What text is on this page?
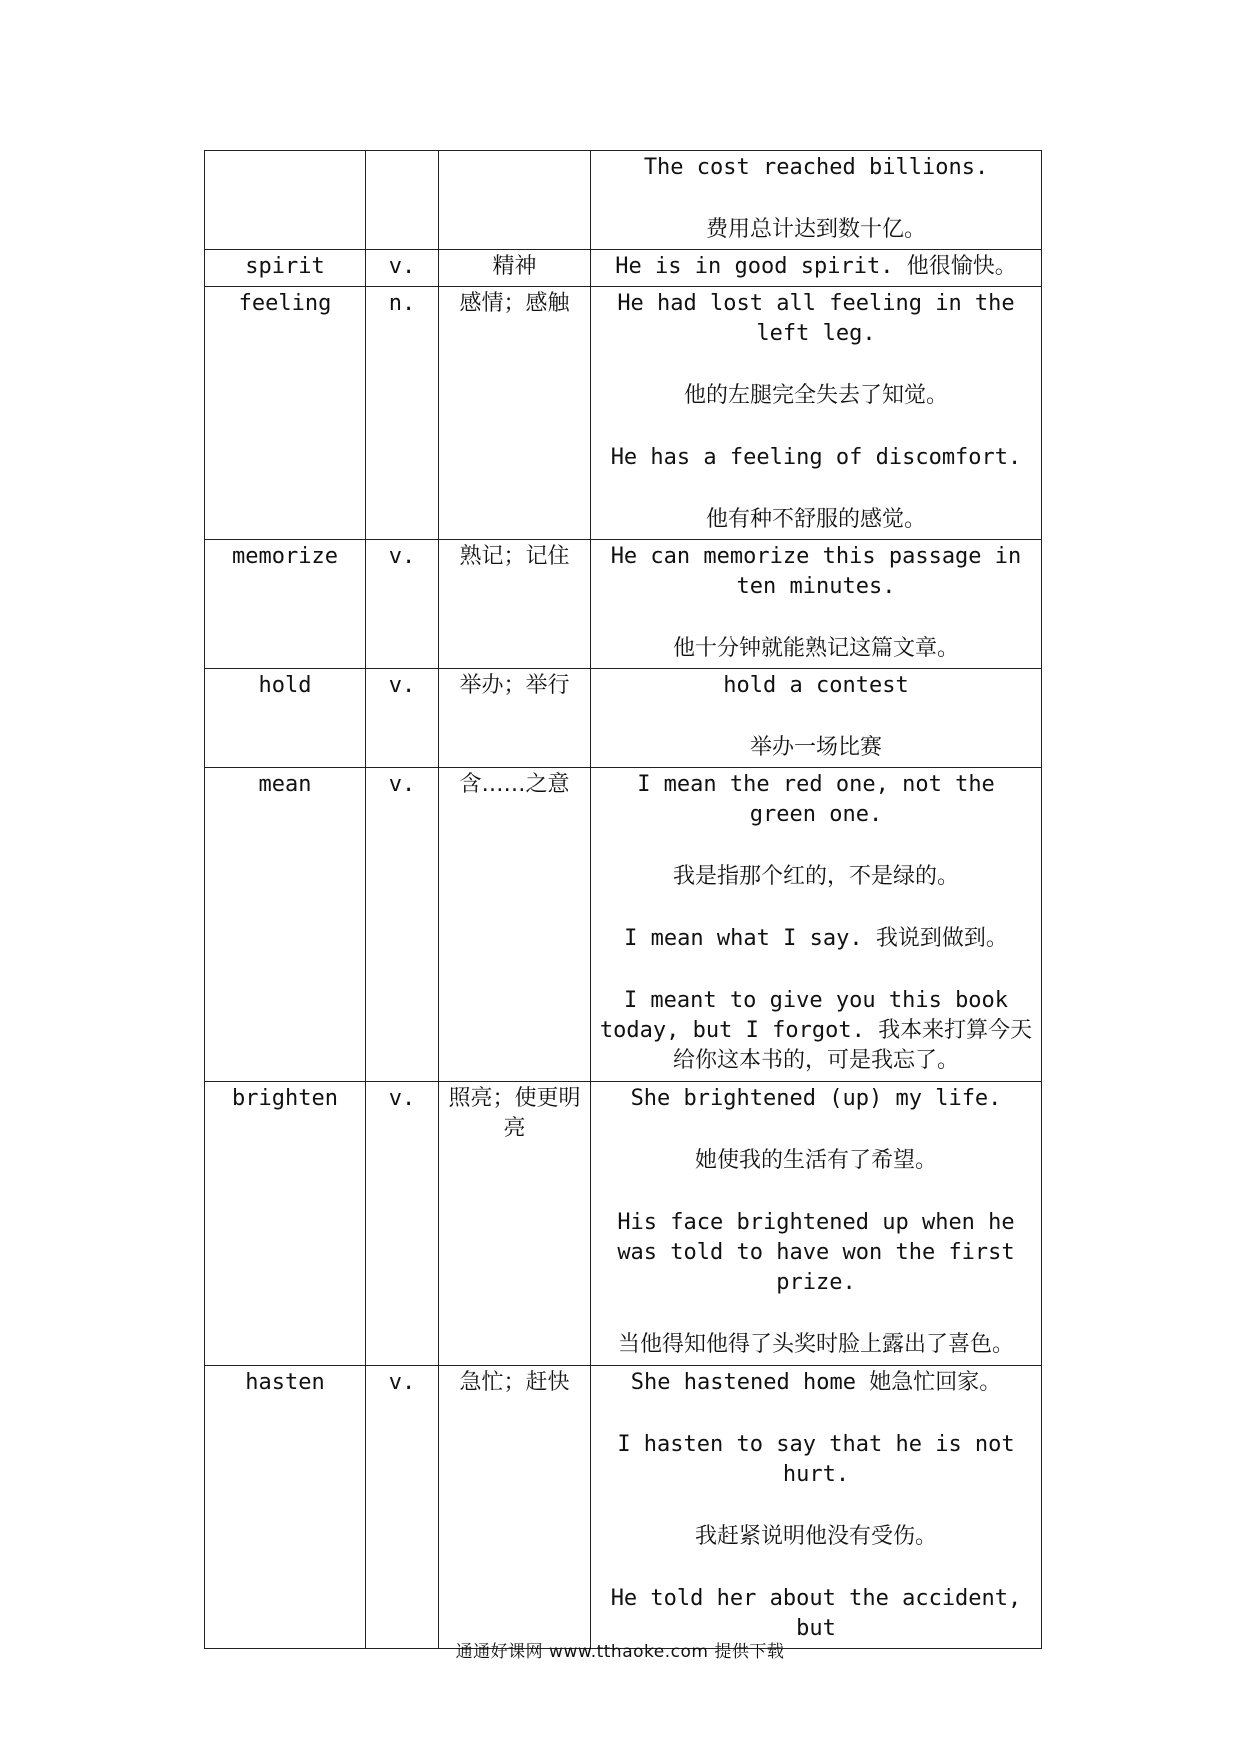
			The cost reached billions.
费用总计达到数十亿。

spirit	v.	精神	He is in good spirit. 他很愉快。

feeling	n.	感情；感触	He had lost all feeling in the left leg.
他的左腿完全失去了知觉。
He has a feeling of discomfort.
他有种不舒服的感觉。

memorize	v.	熟记；记住	He can memorize this passage in ten minutes.
他十分钟就能熟记这篇文章。

hold	v.	举办；举行	hold a contest
举办一场比赛

mean	v.	含……之意	I mean the red one, not the green one.
我是指那个红的，不是绿的。
I mean what I say. 我说到做到。
I meant to give you this book today, but I forgot. 我本来打算今天给你这本书的，可是我忘了。

brighten	v.	照亮；使更明亮	She brightened (up) my life.
她使我的生活有了希望。
His face brightened up when he was told to have won the first prize.
当他得知他得了头奖时脸上露出了喜色。

hasten	v.	急忙；赶快	She hastened home 她急忙回家。
I hasten to say that he is not hurt.
我赶紧说明他没有受伤。
He told her about the accident, but
通通好课网 www.tthaoke.com 提供下载
